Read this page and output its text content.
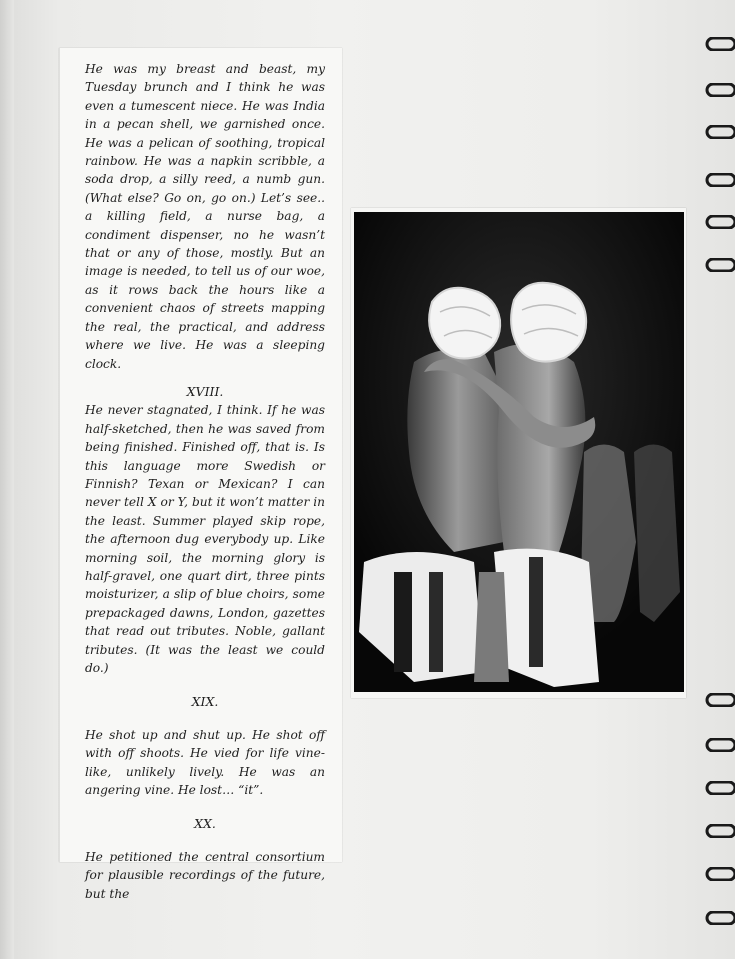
He was my breast and beast, my Tuesday brunch and I think he was even a tumescent niece. He was India in a pecan shell, we garnished once. He was a pelican of soothing, tropical rainbow. He was a napkin scribble, a soda drop, a silly reed, a numb gun. (What else? Go on, go on.) Let’s see.. a killing field, a nurse bag, a condiment dispenser, no he wasn’t that or any of those, mostly. But an image is needed, to tell us of our woe, as it rows back the hours like a convenient chaos of streets mapping the real, the practical, and address where we live. He was a sleeping clock.

XVIII.

He never stagnated, I think. If he was half-sketched, then he was saved from being finished. Finished off, that is. Is this language more Swedish or Finnish? Texan or Mexican? I can never tell X or Y, but it won’t matter in the least. Summer played skip rope, the afternoon dug everybody up. Like morning soil, the morning glory is half-gravel, one quart dirt, three pints moisturizer, a slip of blue choirs, some prepackaged dawns, London, gazettes that read out tributes. Noble, gallant tributes. (It was the least we could do.)

XIX.

He shot up and shut up. He shot off with off shoots. He vied for life vine-like, unlikely lively. He was an angering vine. He lost… “it”.

XX.

He petitioned the central consortium for plausible recordings of the future, but the
